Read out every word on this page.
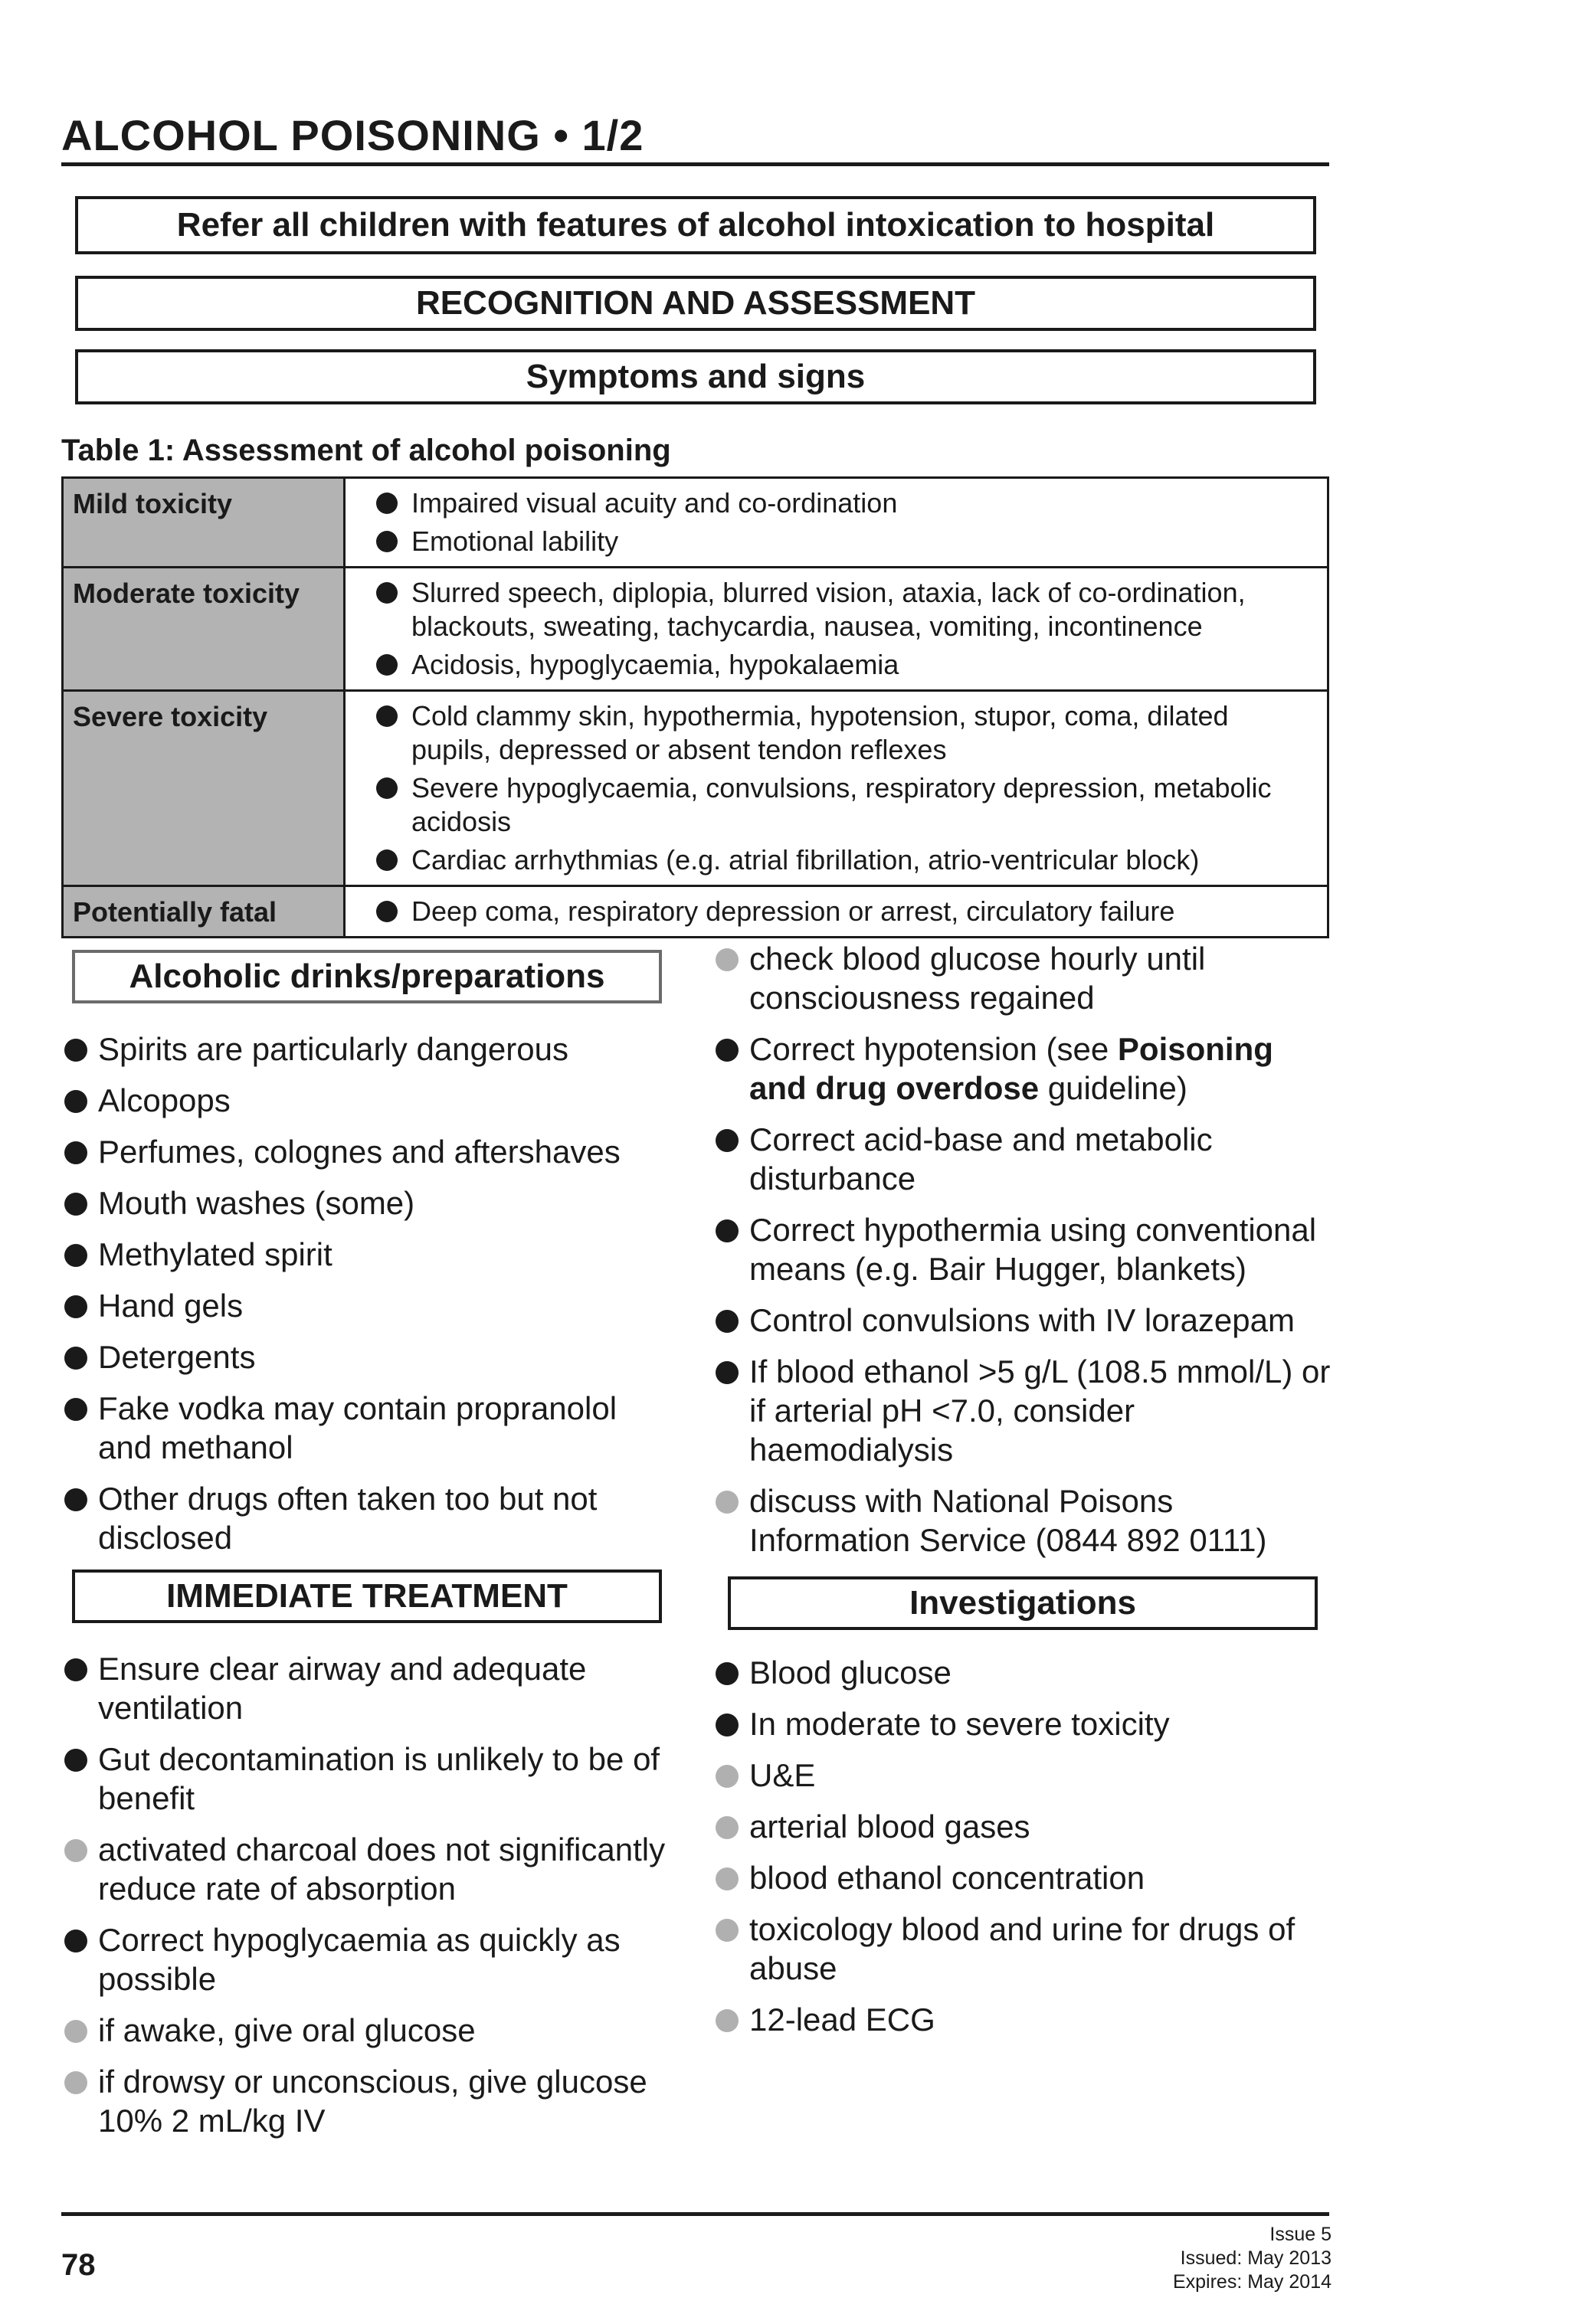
ALCOHOL POISONING • 1/2
Refer all children with features of alcohol intoxication to hospital
RECOGNITION AND ASSESSMENT
Symptoms and signs
Table 1: Assessment of alcohol poisoning
Mild toxicity	Impaired visual acuity and co-ordination
Emotional lability
Moderate toxicity	Slurred speech, diplopia, blurred vision, ataxia, lack of co-ordination, blackouts, sweating, tachycardia, nausea, vomiting, incontinence
Acidosis, hypoglycaemia, hypokalaemia
Severe toxicity	Cold clammy skin, hypothermia, hypotension, stupor, coma, dilated pupils, depressed or absent tendon reflexes
Severe hypoglycaemia, convulsions, respiratory depression, metabolic acidosis
Cardiac arrhythmias (e.g. atrial fibrillation, atrio-ventricular block)
Potentially fatal	Deep coma, respiratory depression or arrest, circulatory failure
Alcoholic drinks/preparations
Spirits are particularly dangerous
Alcopops
Perfumes, colognes and aftershaves
Mouth washes (some)
Methylated spirit
Hand gels
Detergents
Fake vodka may contain propranolol and methanol
Other drugs often taken too but not disclosed
IMMEDIATE TREATMENT
Ensure clear airway and adequate ventilation
Gut decontamination is unlikely to be of benefit
activated charcoal does not significantly reduce rate of absorption
Correct hypoglycaemia as quickly as possible
if awake, give oral glucose
if drowsy or unconscious, give glucose 10% 2 mL/kg IV
check blood glucose hourly until consciousness regained
Correct hypotension (see Poisoning and drug overdose guideline)
Correct acid-base and metabolic disturbance
Correct hypothermia using conventional means (e.g. Bair Hugger, blankets)
Control convulsions with IV lorazepam
If blood ethanol >5 g/L (108.5 mmol/L) or if arterial pH <7.0, consider haemodialysis
discuss with National Poisons Information Service (0844 892 0111)
Investigations
Blood glucose
In moderate to severe toxicity
U&E
arterial blood gases
blood ethanol concentration
toxicology blood and urine for drugs of abuse
12-lead ECG
78
Issue 5
Issued: May 2013
Expires: May 2014
